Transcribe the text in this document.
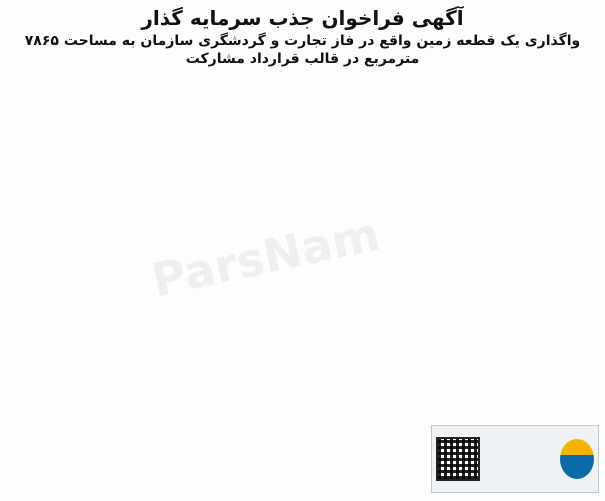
آگهی فراخوان جذب سرمایه گذار
واگذاری یک قطعه زمین واقع در فاز تجارت و گردشگری سازمان به مساحت ۷۸۶۵ مترمربع در قالب قرارداد مشارکت

ParsNam
